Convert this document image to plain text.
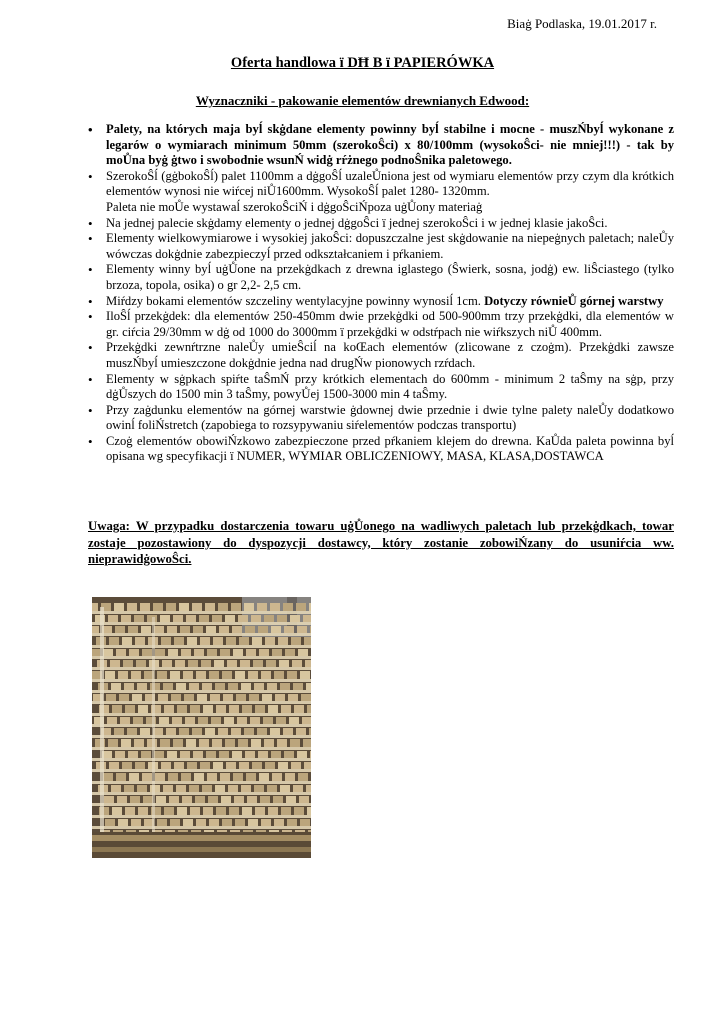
Biaġ Podlaska, 19.01.2017 r.
Oferta handlowa ï DĦ B ï PAPIERÓWKA
Wyznaczniki - pakowanie elementów drewnianych Edwood:
• Palety, na których maja byĺ skġdane elementy powinny byĺ stabilne i mocne - muszŃbyĺ wykonane z legarów o wymiarach minimum 50mm (szerokoŜci) x 80/100mm (wysokoŜci- nie mniej!!!) - tak by moŮna byġ ġtwo i swobodnie wsunŃ widġ rŕżnego podnoŜnika paletowego.
• SzerokoŜĺ (gġbokoŜĺ) palet 1100mm a dġgoŜĺ uzaleŮniona jest od wymiaru elementów przy czym dla krótkich elementów wynosi nie wiŕcej niŮ1600mm. WysokoŜĺ palet 1280- 1320mm.
Paleta nie moŮe wystawaĺ szerokoŜciŃ i dġgoŜciŃpoza uġŮony materiaġ
• Na jednej palecie skġdamy elementy o jednej dġgoŜci ï jednej szerokoŜci i w jednej klasie jakoŜci.
• Elementy wielkowymiarowe i wysokiej jakoŜci: dopuszczalne jest skġdowanie na niepeġnych paletach; naleŮy wówczas dokġdnie zabezpieczyĺ przed odkształcaniem i pŕkaniem.
• Elementy winny byĺ uġŮone na przekġdkach z drewna iglastego (Ŝwierk, sosna, jodġ) ew. liŜciastego (tylko brzoza, topola, osika) o gr 2,2- 2,5 cm.
• Miŕdzy bokami elementów szczeliny wentylacyjne powinny wynosiĺ 1cm. Dotyczy równieŮ górnej warstwy
• IloŜĺ przekġdek: dla elementów 250-450mm dwie przekġdki od 500-900mm trzy przekġdki, dla elementów w gr. ciŕcia 29/30mm w dġ od 1000 do 3000mm ï przekġdki w odstŕpach nie wiŕkszych niŮ 400mm.
• Przekġdki zewnŕtrzne naleŮy umieŜciĺ na koŒach elementów (zlicowane z czoġm). Przekġdki zawsze muszŃbyĺ umieszczone dokġdnie jedna nad drugŃw pionowych rzŕdach.
• Elementy w sġpkach spiŕte taŜmŃ przy krótkich elementach do 600mm - minimum 2 taŜmy na sġp, przy dġŮszych do 1500 min 3 taŜmy, powyŮej 1500-3000 min 4 taŜmy.
• Przy zaġdunku elementów na górnej warstwie ġdownej dwie przednie i dwie tylne palety naleŮy dodatkowo owinĺ foliŃstretch (zapobiega to rozsypywaniu siŕelementów podczas transportu)
• Czoġ elementów obowiŃzkowo zabezpieczone przed pŕkaniem klejem do drewna. KaŮda paleta powinna byĺ opisana wg specyfikacji ï NUMER, WYMIAR OBLICZENIOWY, MASA, KLASA,DOSTAWCA
Uwaga: W przypadku dostarczenia towaru uġŮonego na wadliwych paletach lub przekġdkach, towar zostaje pozostawiony do dyspozycji dostawcy, który zostanie zobowiŃzany do usuniŕcia ww. nieprawidġowoŜci.
